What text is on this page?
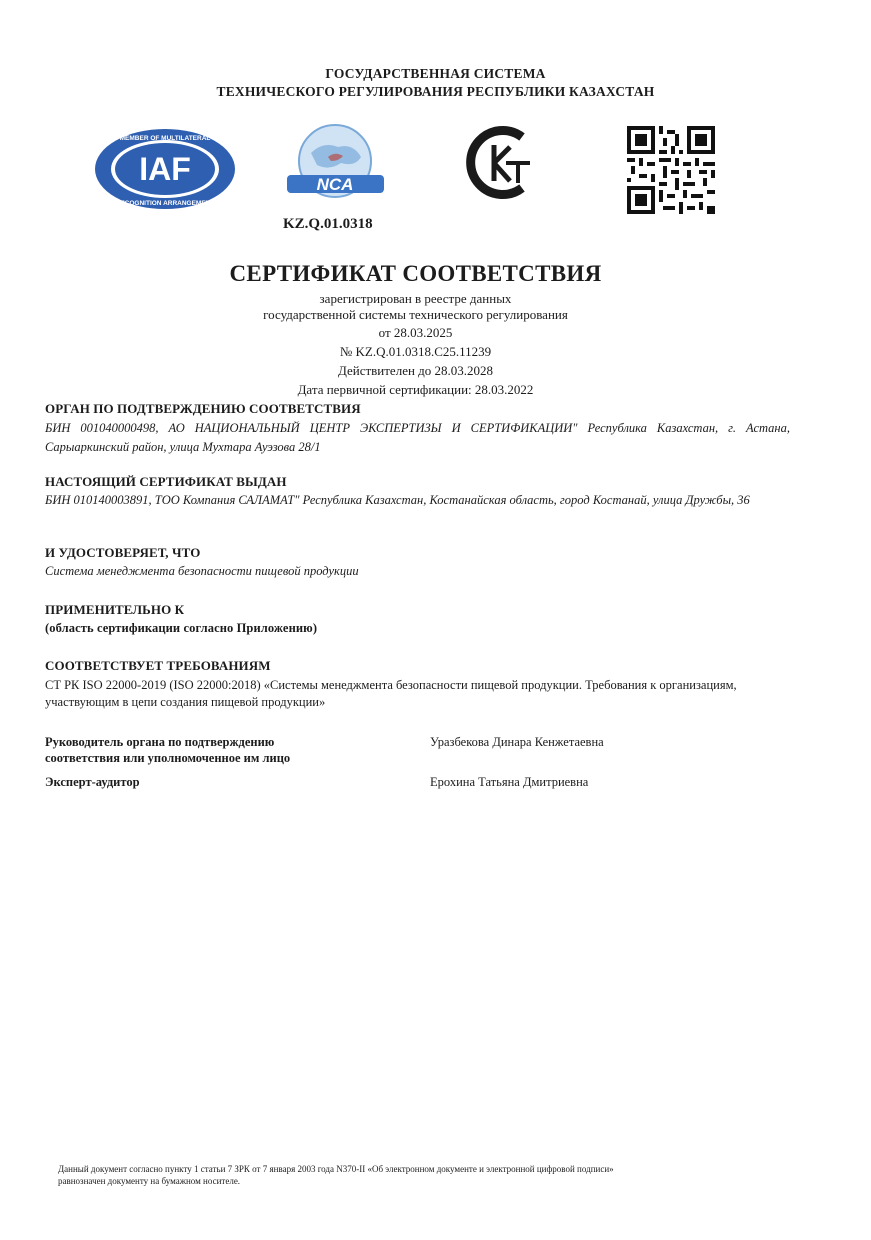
ГОСУДАРСТВЕННАЯ СИСТЕМА
ТЕХНИЧЕСКОГО РЕГУЛИРОВАНИЯ РЕСПУБЛИКИ КАЗАХСТАН
IAF
MEMBER OF MULTILATERAL
RECOGNITION ARRANGEMENT
NCA
KZ.Q.01.0318
СЕРТИФИКАТ СООТВЕТСТВИЯ
зарегистрирован в реестре данных
государственной системы технического регулирования
от 28.03.2025
№ KZ.Q.01.0318.C25.11239
Действителен до 28.03.2028
Дата первичной сертификации: 28.03.2022
ОРГАН ПО ПОДТВЕРЖДЕНИЮ СООТВЕТСТВИЯ
БИН 001040000498, АО НАЦИОНАЛЬНЫЙ ЦЕНТР ЭКСПЕРТИЗЫ И СЕРТИФИКАЦИИ" Республика Казахстан, г. Астана, Сарыаркинский район, улица Мухтара Ауэзова 28/1
НАСТОЯЩИЙ СЕРТИФИКАТ ВЫДАН
БИН 010140003891, ТОО Компания САЛАМАТ" Республика Казахстан, Костанайская область, город Костанай, улица Дружбы, 36
И УДОСТОВЕРЯЕТ, ЧТО
Система менеджмента безопасности пищевой продукции
ПРИМЕНИТЕЛЬНО К
(область сертификации согласно Приложению)
СООТВЕТСТВУЕТ ТРЕБОВАНИЯМ
СТ РК ISO 22000-2019 (ISO 22000:2018) «Системы менеджмента безопасности пищевой продукции. Требования к организациям, участвующим в цепи создания пищевой продукции»
Руководитель органа по подтверждению
соответствия или уполномоченное им лицо
Уразбекова Динара Кенжетаевна
Эксперт-аудитор	Ерохина Татьяна Дмитриевна
Данный документ согласно пункту 1 статьи 7 ЗРК от 7 января 2003 года N370-II «Об электронном документе и электронной цифровой подписи»
равнозначен документу на бумажном носителе.
